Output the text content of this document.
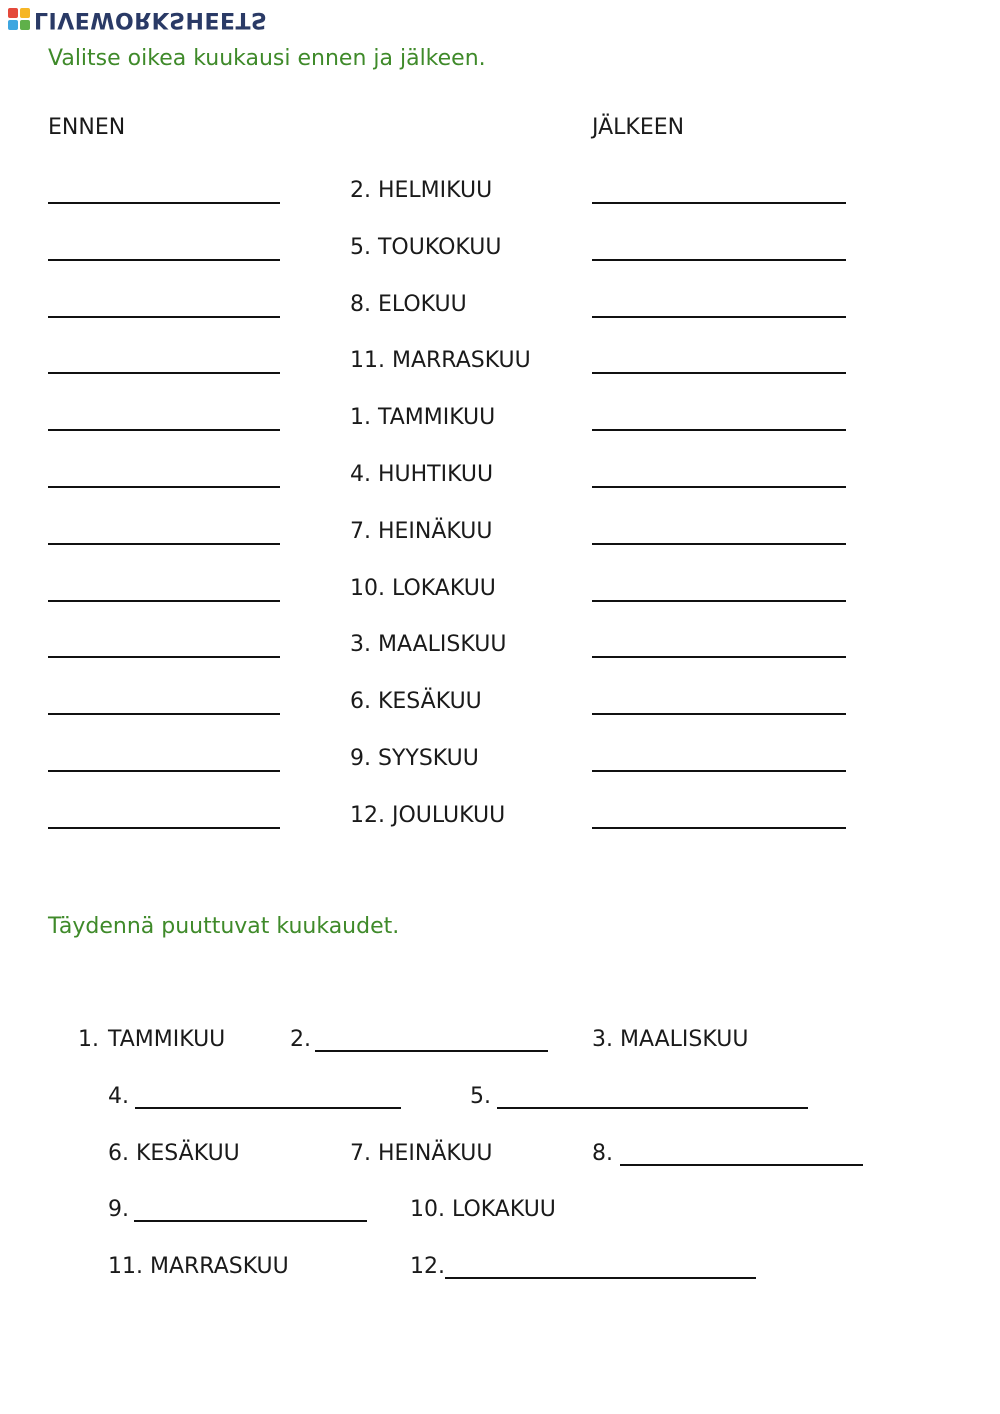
LIVEWORKSHEETS
Valitse oikea kuukausi ennen ja jälkeen.
ENNEN	JÄLKEEN
2. HELMIKUU
5. TOUKOKUU
8. ELOKUU
11. MARRASKUU
1. TAMMIKUU
4. HUHTIKUU
7. HEINÄKUU
10. LOKAKUU
3. MAALISKUU
6. KESÄKUU
9. SYYSKUU
12. JOULUKUU
Täydennä puuttuvat kuukaudet.
1. TAMMIKUU	2.	3. MAALISKUU
4.	5.
6. KESÄKUU	7. HEINÄKUU	8.
9.	10. LOKAKUU
11. MARRASKUU	12.
